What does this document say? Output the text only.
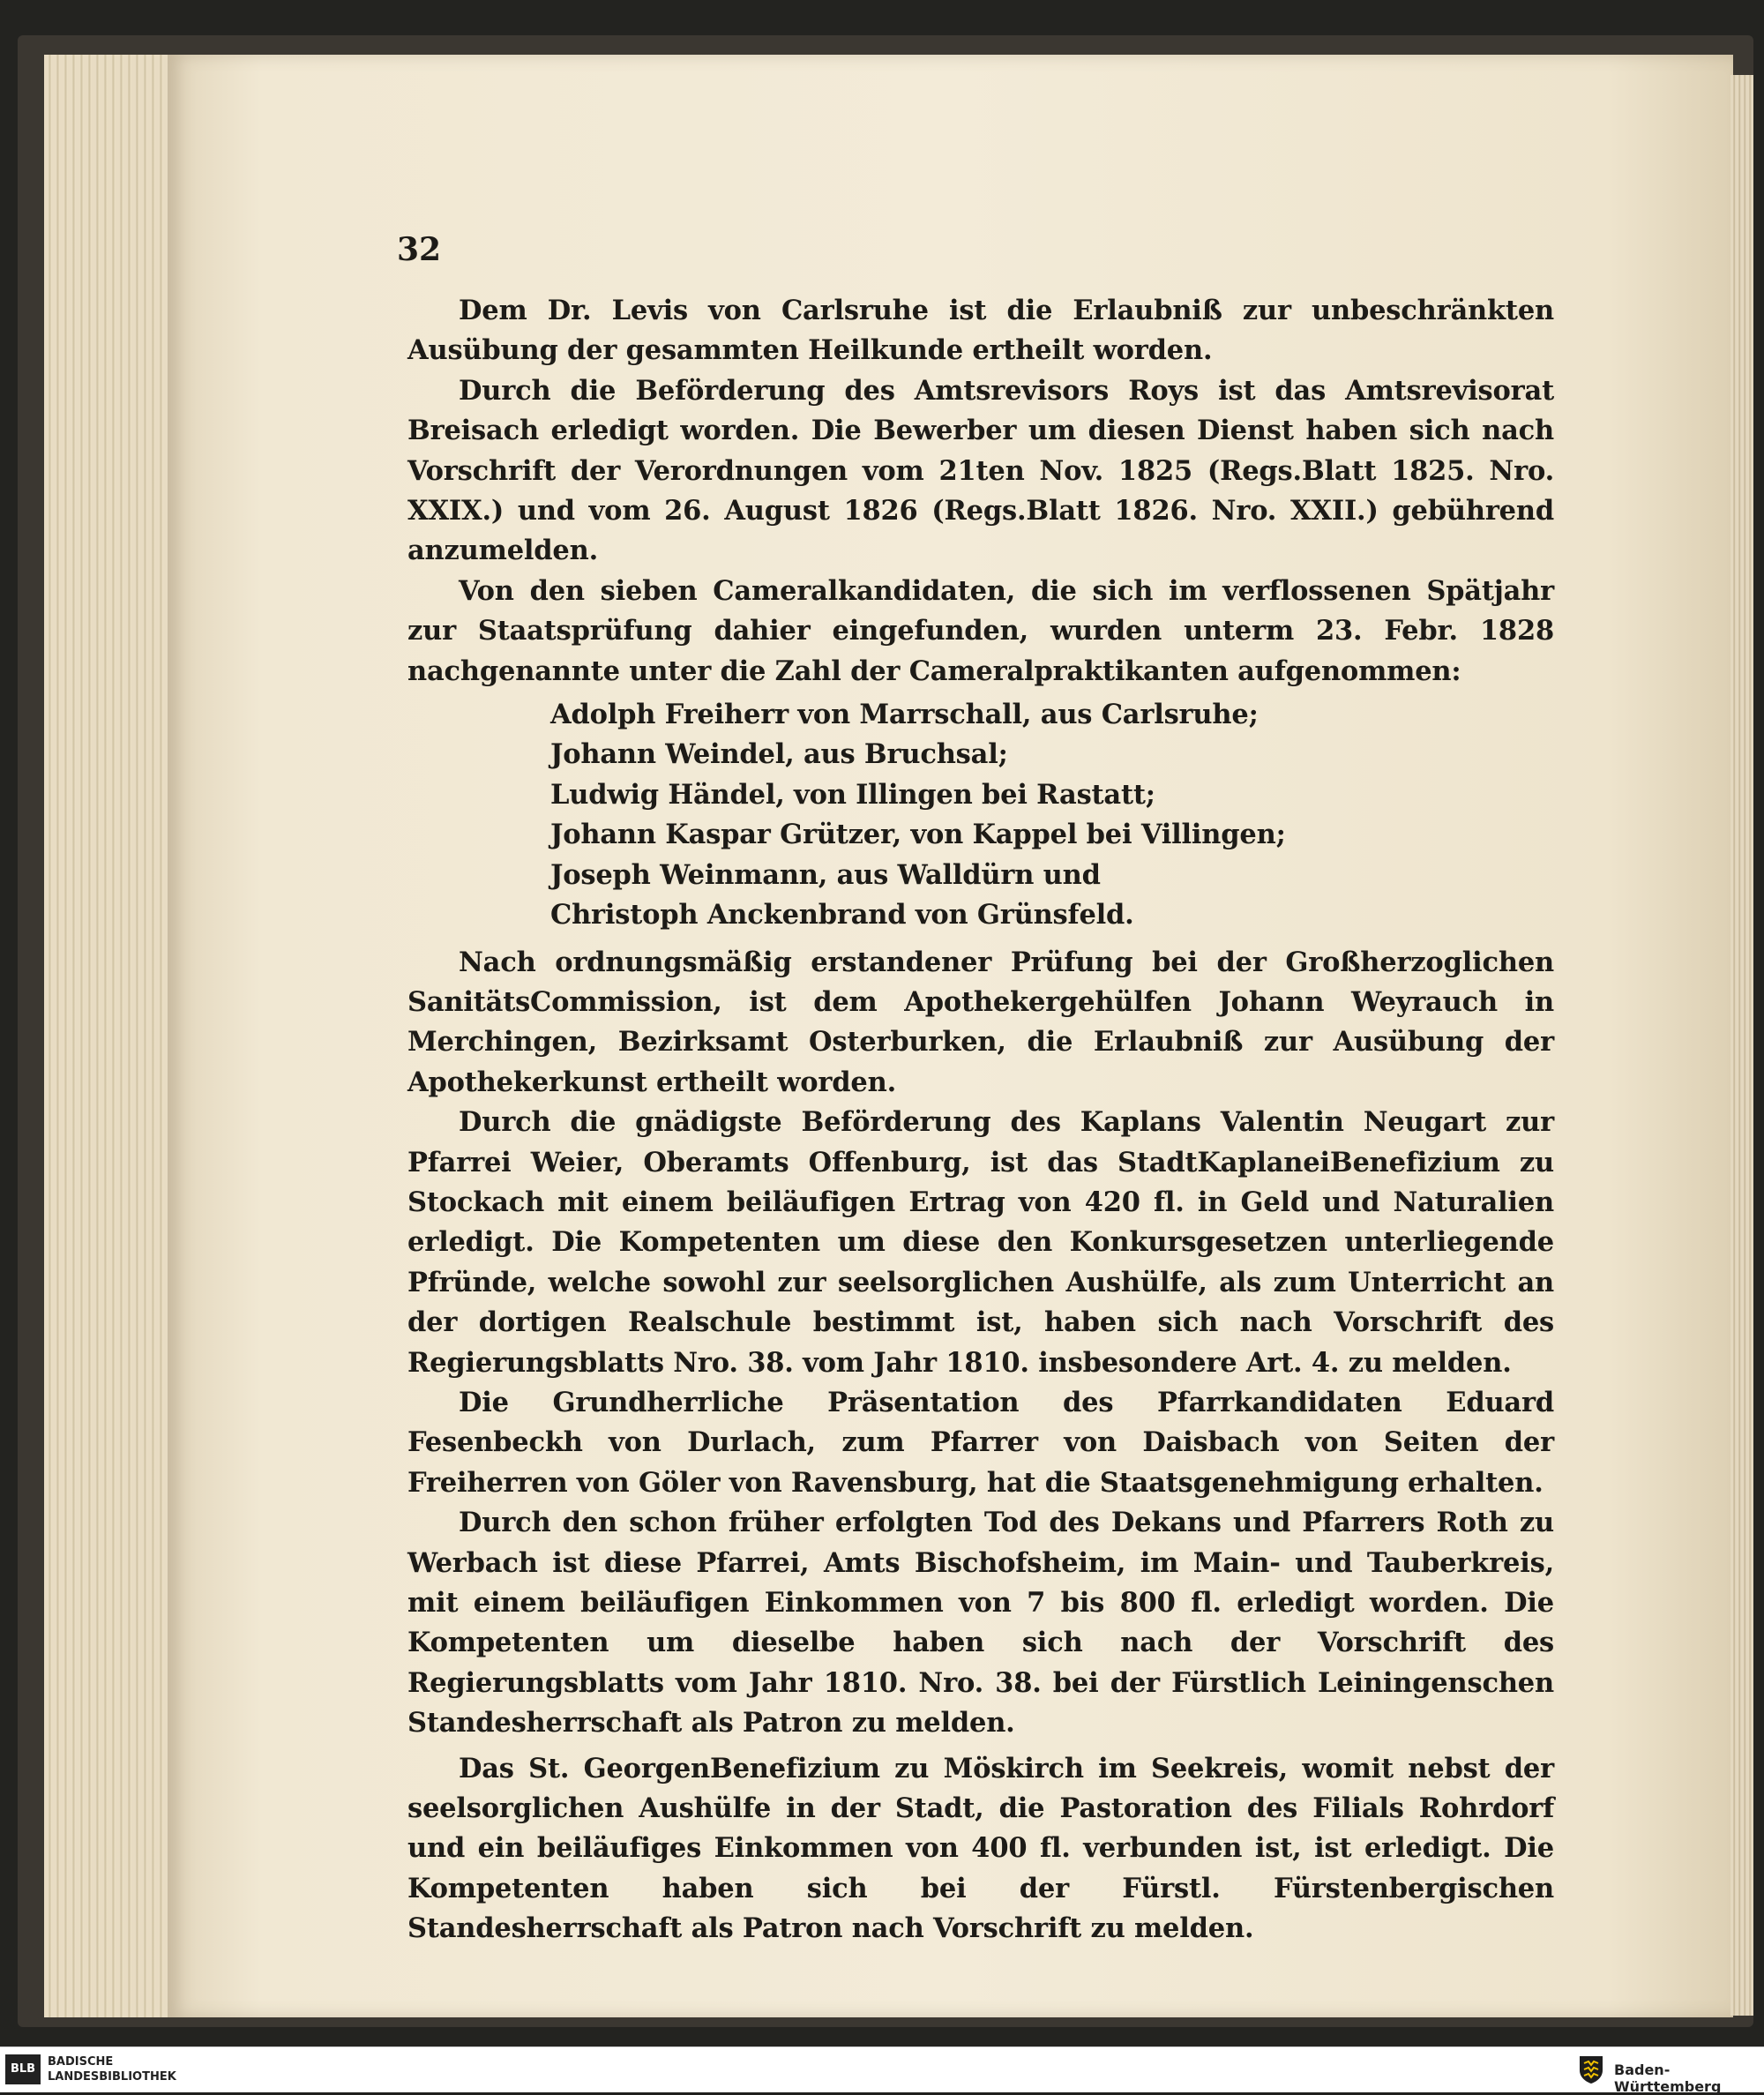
32

Dem Dr. Levis von Carlsruhe ist die Erlaubniß zur unbeschränkten Ausübung der gesammten Heilkunde ertheilt worden.

Durch die Beförderung des Amtsrevisors Roys ist das Amtsrevisorat Breisach erledigt worden. Die Bewerber um diesen Dienst haben sich nach Vorschrift der Verordnungen vom 21ten Nov. 1825 (Regs.Blatt 1825. Nro. XXIX.) und vom 26. August 1826 (Regs.Blatt 1826. Nro. XXII.) gebührend anzumelden.

Von den sieben Cameralkandidaten, die sich im verflossenen Spätjahr zur Staatsprüfung dahier eingefunden, wurden unterm 23. Febr. 1828 nachgenannte unter die Zahl der Cameralpraktikanten aufgenommen:

Adolph Freiherr von Marrschall, aus Carlsruhe;
Johann Weindel, aus Bruchsal;
Ludwig Händel, von Illingen bei Rastatt;
Johann Kaspar Grützer, von Kappel bei Villingen;
Joseph Weinmann, aus Walldürn und
Christoph Anckenbrand von Grünsfeld.

Nach ordnungsmäßig erstandener Prüfung bei der Großherzoglichen SanitätsCommission, ist dem Apothekergehülfen Johann Weyrauch in Merchingen, Bezirksamt Osterburken, die Erlaubniß zur Ausübung der Apothekerkunst ertheilt worden.

Durch die gnädigste Beförderung des Kaplans Valentin Neugart zur Pfarrei Weier, Oberamts Offenburg, ist das StadtKaplaneiBenefizium zu Stockach mit einem beiläufigen Ertrag von 420 fl. in Geld und Naturalien erledigt. Die Kompetenten um diese den Konkursgesetzen unterliegende Pfründe, welche sowohl zur seelsorglichen Aushülfe, als zum Unterricht an der dortigen Realschule bestimmt ist, haben sich nach Vorschrift des Regierungsblatts Nro. 38. vom Jahr 1810. insbesondere Art. 4. zu melden.

Die Grundherrliche Präsentation des Pfarrkandidaten Eduard Fesenbeckh von Durlach, zum Pfarrer von Daisbach von Seiten der Freiherren von Göler von Ravensburg, hat die Staatsgenehmigung erhalten.

Durch den schon früher erfolgten Tod des Dekans und Pfarrers Roth zu Werbach ist diese Pfarrei, Amts Bischofsheim, im Main- und Tauberkreis, mit einem beiläufigen Einkommen von 7 bis 800 fl. erledigt worden. Die Kompetenten um dieselbe haben sich nach der Vorschrift des Regierungsblatts vom Jahr 1810. Nro. 38. bei der Fürstlich Leiningenschen Standesherrschaft als Patron zu melden.

Das St. GeorgenBenefizium zu Möskirch im Seekreis, womit nebst der seelsorglichen Aushülfe in der Stadt, die Pastoration des Filials Rohrdorf und ein beiläufiges Einkommen von 400 fl. verbunden ist, ist erledigt. Die Kompetenten haben sich bei der Fürstl. Fürstenbergischen Standesherrschaft als Patron nach Vorschrift zu melden.

BLB
BADISCHE
LANDESBIBLIOTHEK	Baden-Württemberg
